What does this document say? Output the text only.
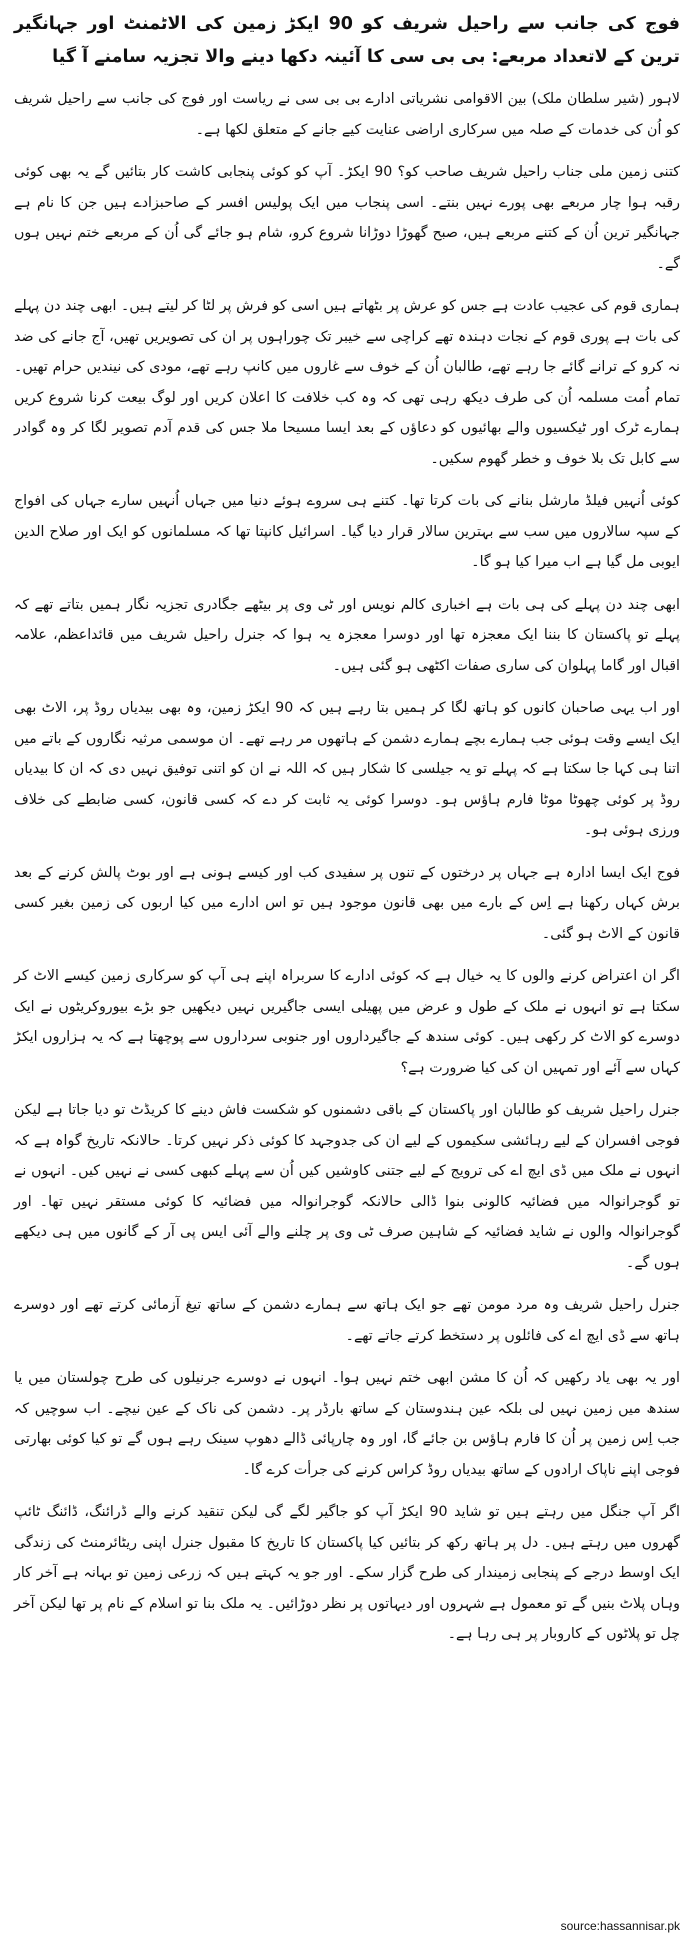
فوج کی جانب سے راحیل شریف کو 90 ایکڑ زمین کی الاٹمنٹ اور جہانگیر ترین کے لاتعداد مربعے: بی بی سی کا آئینہ دکھا دینے والا تجزیہ سامنے آ گیا

لاہور (شیر سلطان ملک) بین الاقوامی نشریاتی ادارے بی بی سی نے ریاست اور فوج کی جانب سے راحیل شریف کو اُن کی خدمات کے صلہ میں سرکاری اراضی عنایت کیے جانے کے متعلق لکھا ہے۔

کتنی زمین ملی جناب راحیل شریف صاحب کو؟ 90 ایکڑ۔ آپ کو کوئی پنجابی کاشت کار بتائیں گے یہ بھی کوئی رقبہ ہوا چار مربعے بھی پورے نہیں بنتے۔ اسی پنجاب میں ایک پولیس افسر کے صاحبزادے ہیں جن کا نام ہے جہانگیر ترین اُن کے کتنے مربعے ہیں، صبح گھوڑا دوڑانا شروع کرو، شام ہو جائے گی اُن کے مربعے ختم نہیں ہوں گے۔

ہماری قوم کی عجیب عادت ہے جس کو عرش پر بٹھاتے ہیں اسی کو فرش پر لٹا کر لیتے ہیں۔ ابھی چند دن پہلے کی بات ہے پوری قوم کے نجات دہندہ تھے کراچی سے خیبر تک چوراہوں پر ان کی تصویریں تھیں، آج جانے کی ضد نہ کرو کے ترانے گائے جا رہے تھے، طالبان اُن کے خوف سے غاروں میں کانپ رہے تھے، مودی کی نیندیں حرام تھیں۔ تمام اُمت مسلمہ اُن کی طرف دیکھ رہی تھی کہ وہ کب خلافت کا اعلان کریں اور لوگ بیعت کرنا شروع کریں ہمارے ٹرک اور ٹیکسیوں والے بھائیوں کو دعاؤں کے بعد ایسا مسیحا ملا جس کی قدم آدم تصویر لگا کر وہ گوادر سے کابل تک بلا خوف و خطر گھوم سکیں۔

کوئی اُنہیں فیلڈ مارشل بنانے کی بات کرتا تھا۔ کتنے ہی سروے ہوئے دنیا میں جہاں اُنہیں سارے جہاں کی افواج کے سپہ سالاروں میں سب سے بہترین سالار قرار دیا گیا۔ اسرائیل کانپتا تھا کہ مسلمانوں کو ایک اور صلاح الدین ایوبی مل گیا ہے اب میرا کیا ہو گا۔

ابھی چند دن پہلے کی ہی بات ہے اخباری کالم نویس اور ٹی وی پر بیٹھے جگادری تجزیہ نگار ہمیں بتاتے تھے کہ پہلے تو پاکستان کا بننا ایک معجزہ تھا اور دوسرا معجزہ یہ ہوا کہ جنرل راحیل شریف میں قائداعظم، علامہ اقبال اور گاما پہلوان کی ساری صفات اکٹھی ہو گئی ہیں۔

اور اب یہی صاحبان کانوں کو ہاتھ لگا کر ہمیں بتا رہے ہیں کہ 90 ایکڑ زمین، وہ بھی بیدیاں روڈ پر، الاٹ بھی ایک ایسے وقت ہوئی جب ہمارے بچے ہمارے دشمن کے ہاتھوں مر رہے تھے۔ ان موسمی مرثیہ نگاروں کے باتے میں اتنا ہی کہا جا سکتا ہے کہ پہلے تو یہ جیلسی کا شکار ہیں کہ اللہ نے ان کو اتنی توفیق نہیں دی کہ ان کا بیدیاں روڈ پر کوئی چھوٹا موٹا فارم ہاؤس ہو۔ دوسرا کوئی یہ ثابت کر دے کہ کسی قانون، کسی ضابطے کی خلاف ورزی ہوئی ہو۔

فوج ایک ایسا ادارہ ہے جہاں پر درختوں کے تنوں پر سفیدی کب اور کیسے ہونی ہے اور بوٹ پالش کرنے کے بعد برش کہاں رکھنا ہے اِس کے بارے میں بھی قانون موجود ہیں تو اس ادارے میں کیا اربوں کی زمین بغیر کسی قانون کے الاٹ ہو گئی۔

اگر ان اعتراض کرنے والوں کا یہ خیال ہے کہ کوئی ادارے کا سربراہ اپنے ہی آپ کو سرکاری زمین کیسے الاٹ کر سکتا ہے تو انہوں نے ملک کے طول و عرض میں پھیلی ایسی جاگیریں نہیں دیکھیں جو بڑے بیوروکریٹوں نے ایک دوسرے کو الاٹ کر رکھی ہیں۔ کوئی سندھ کے جاگیرداروں اور جنوبی سرداروں سے پوچھتا ہے کہ یہ ہزاروں ایکڑ کہاں سے آئے اور تمہیں ان کی کیا ضرورت ہے؟

جنرل راحیل شریف کو طالبان اور پاکستان کے باقی دشمنوں کو شکست فاش دینے کا کریڈٹ تو دیا جاتا ہے لیکن فوجی افسران کے لیے رہائشی سکیموں کے لیے ان کی جدوجہد کا کوئی ذکر نہیں کرتا۔ حالانکہ تاریخ گواہ ہے کہ انہوں نے ملک میں ڈی ایچ اے کی ترویج کے لیے جتنی کاوشیں کیں اُن سے پہلے کبھی کسی نے نہیں کیں۔ انہوں نے تو گوجرانوالہ میں فضائیہ کالونی بنوا ڈالی حالانکہ گوجرانوالہ میں فضائیہ کا کوئی مستقر نہیں تھا۔ اور گوجرانوالہ والوں نے شاید فضائیہ کے شاہین صرف ٹی وی پر چلنے والے آئی ایس پی آر کے گانوں میں ہی دیکھے ہوں گے۔

جنرل راحیل شریف وہ مرد مومن تھے جو ایک ہاتھ سے ہمارے دشمن کے ساتھ تیغ آزمائی کرتے تھے اور دوسرے ہاتھ سے ڈی ایچ اے کی فائلوں پر دستخط کرتے جاتے تھے۔

اور یہ بھی یاد رکھیں کہ اُن کا مشن ابھی ختم نہیں ہوا۔ انہوں نے دوسرے جرنیلوں کی طرح چولستان میں یا سندھ میں زمین نہیں لی بلکہ عین ہندوستان کے ساتھ بارڈر پر۔ دشمن کی ناک کے عین نیچے۔ اب سوچیں کہ جب اِس زمین پر اُن کا فارم ہاؤس بن جائے گا، اور وہ چارپائی ڈالے دھوپ سینک رہے ہوں گے تو کیا کوئی بھارتی فوجی اپنے ناپاک ارادوں کے ساتھ بیدیاں روڈ کراس کرنے کی جرأت کرے گا۔

اگر آپ جنگل میں رہتے ہیں تو شاید 90 ایکڑ آپ کو جاگیر لگے گی لیکن تنقید کرنے والے ڈرائنگ، ڈائنگ ٹائپ گھروں میں رہتے ہیں۔ دل پر ہاتھ رکھ کر بتائیں کیا پاکستان کا تاریخ کا مقبول جنرل اپنی ریٹائرمنٹ کی زندگی ایک اوسط درجے کے پنجابی زمیندار کی طرح گزار سکے۔ اور جو یہ کہتے ہیں کہ زرعی زمین تو بہانہ ہے آخر کار وہاں پلاٹ بنیں گے تو معمول ہے شہروں اور دیہاتوں پر نظر دوڑائیں۔ یہ ملک بنا تو اسلام کے نام پر تھا لیکن آخر چل تو پلاٹوں کے کاروبار پر ہی رہا ہے۔

source:hassannisar.pk
